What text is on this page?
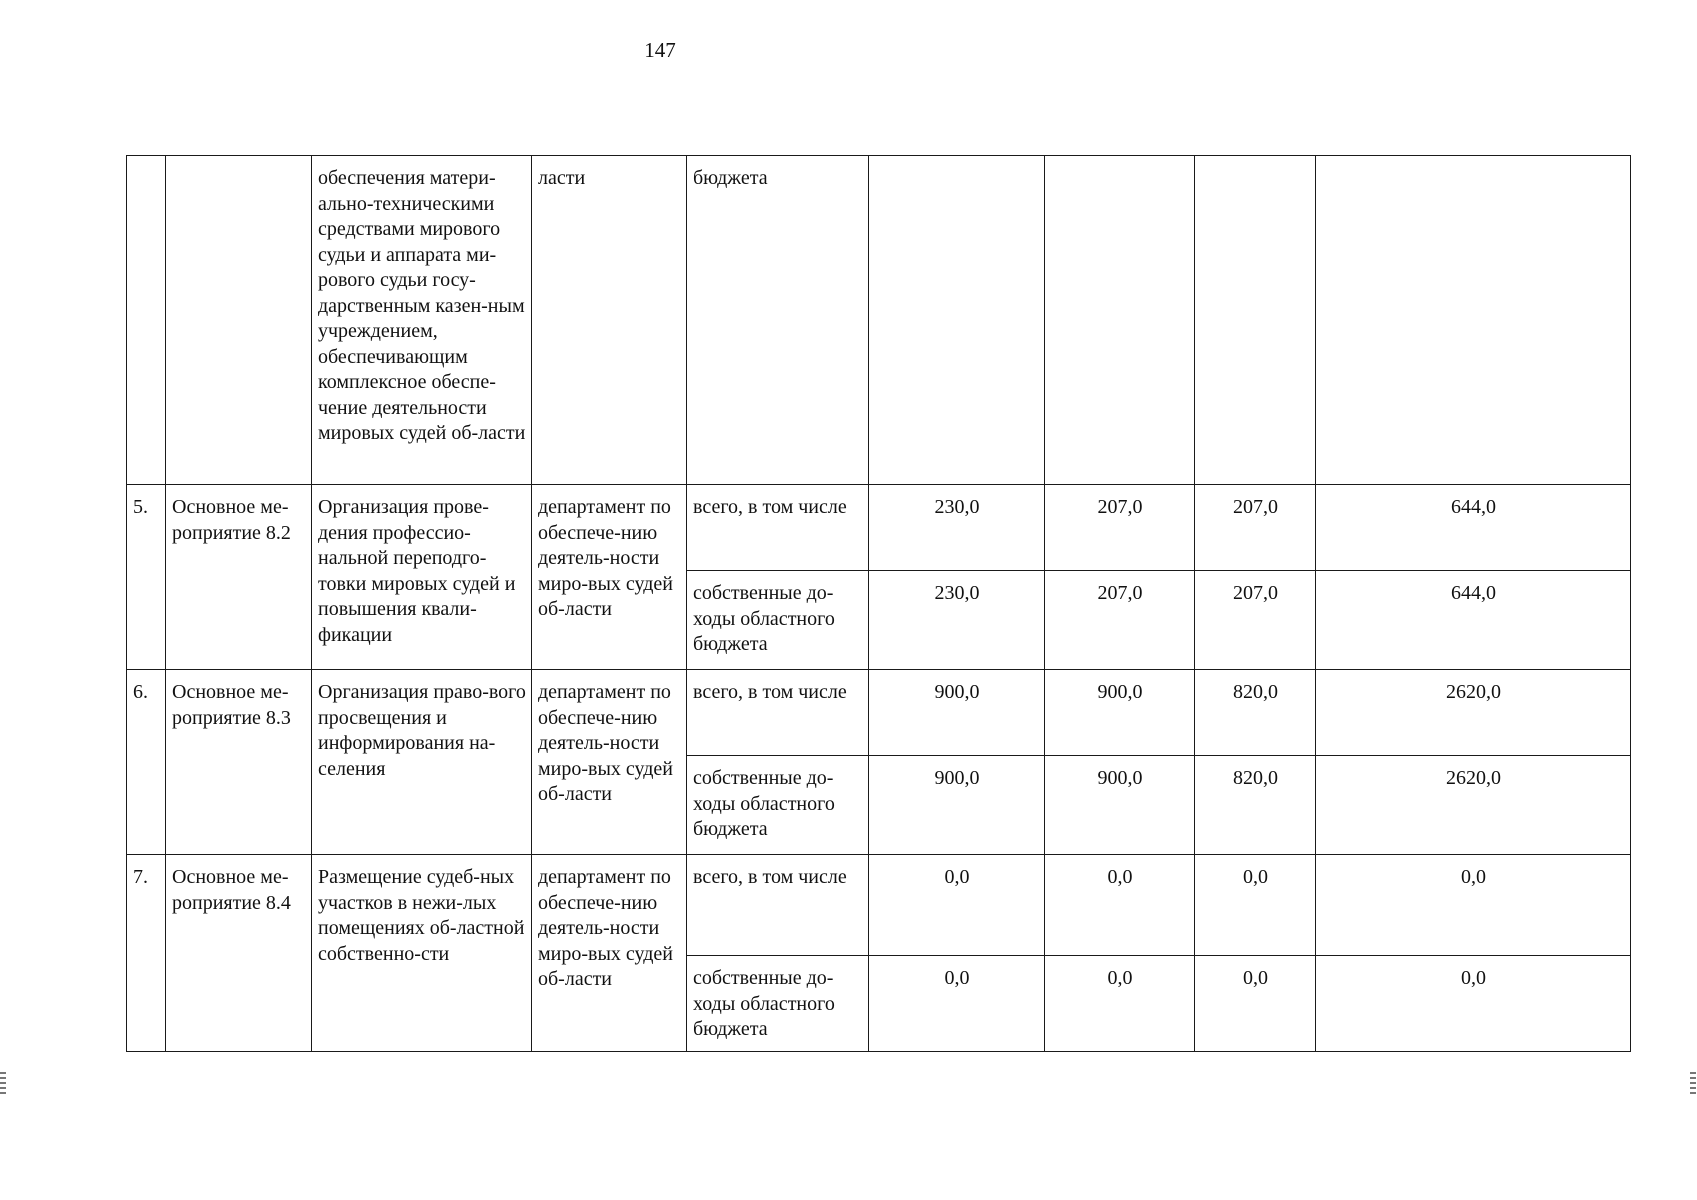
147
		обеспечения матери-ально-техническими средствами мирового судьи и аппарата ми-рового судьи госу-дарственным казен-ным учреждением, обеспечивающим комплексное обеспе-чение деятельности мировых судей об-ласти	ласти	бюджета				
5.	Основное ме-роприятие 8.2	Организация прове-дения профессио-нальной переподго-товки мировых судей и повышения квали-фикации	департамент по обеспече-нию деятель-ности миро-вых судей об-ласти	всего, в том числе	230,0	207,0	207,0	644,0
				собственные до-ходы областного бюджета	230,0	207,0	207,0	644,0
6.	Основное ме-роприятие 8.3	Организация право-вого просвещения и информирования на-селения	департамент по обеспече-нию деятель-ности миро-вых судей об-ласти	всего, в том числе	900,0	900,0	820,0	2620,0
				собственные до-ходы областного бюджета	900,0	900,0	820,0	2620,0
7.	Основное ме-роприятие 8.4	Размещение судеб-ных участков в нежи-лых помещениях об-ластной собственно-сти	департамент по обеспече-нию деятель-ности миро-вых судей об-ласти	всего, в том числе	0,0	0,0	0,0	0,0
				собственные до-ходы областного бюджета	0,0	0,0	0,0	0,0
